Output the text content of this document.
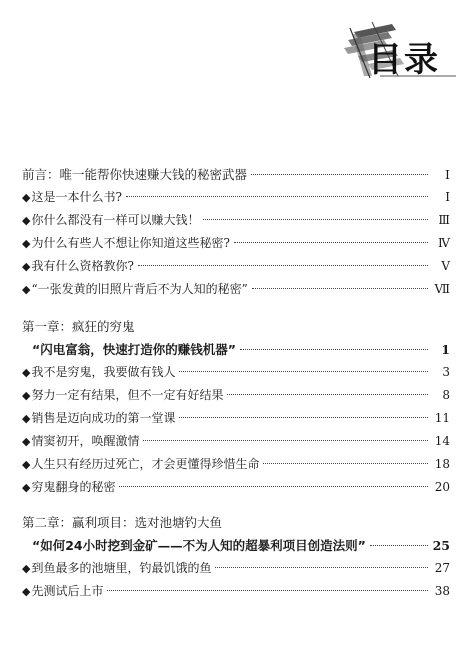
目录
前言：唯一能帮你快速赚大钱的秘密武器	Ⅰ
◆ 这是一本什么书?	Ⅰ
◆ 你什么都没有一样可以赚大钱！	Ⅲ
◆ 为什么有些人不想让你知道这些秘密?	Ⅳ
◆ 我有什么资格教你?	Ⅴ
◆ “一张发黄的旧照片背后不为人知的秘密”	Ⅶ
第一章：疯狂的穷鬼
“闪电富翁，快速打造你的赚钱机器”	1
◆ 我不是穷鬼，我要做有钱人	3
◆ 努力一定有结果，但不一定有好结果	8
◆ 销售是迈向成功的第一堂课	11
◆ 情窦初开，唤醒激情	14
◆ 人生只有经历过死亡，才会更懂得珍惜生命	18
◆ 穷鬼翻身的秘密	20
第二章：赢利项目：选对池塘钓大鱼
“如何24小时挖到金矿——不为人知的超暴利项目创造法则”	25
◆ 到鱼最多的池塘里，钓最饥饿的鱼	27
◆ 先测试后上市	38
